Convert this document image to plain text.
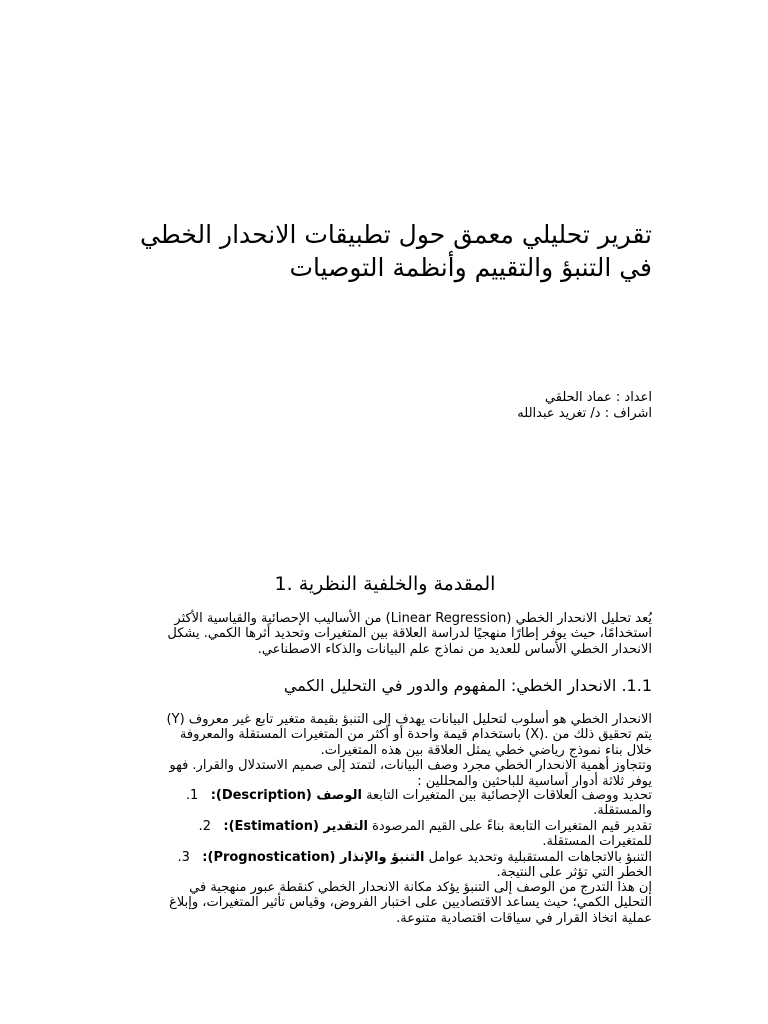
تقرير تحليلي معمق حول تطبيقات الانحدار الخطي
في التنبؤ والتقييم وأنظمة التوصيات
اعداد : عماد الحلقي
اشراف : د/ تغريد عبدالله
1. المقدمة والخلفية النظرية

يُعد تحليل الانحدار الخطي (Linear Regression) من الأساليب الإحصائية والقياسية الأكثر
استخدامًا، حيث يوفر إطارًا منهجيًا لدراسة العلاقة بين المتغيرات وتحديد أثرها الكمي. يشكل
الانحدار الخطي الأساس للعديد من نماذج علم البيانات والذكاء الاصطناعي.

1.1. الانحدار الخطي: المفهوم والدور في التحليل الكمي

الانحدار الخطي هو أسلوب لتحليل البيانات يهدف إلى التنبؤ بقيمة متغير تابع غير معروف (Y)
يتم تحقيق ذلك من .(X) باستخدام قيمة واحدة أو أكثر من المتغيرات المستقلة والمعروفة
خلال بناء نموذج رياضي خطي يمثل العلاقة بين هذه المتغيرات.
وتتجاوز أهمية الانحدار الخطي مجرد وصف البيانات، لتمتد إلى صميم الاستدلال والقرار. فهو
يوفر ثلاثة أدوار أساسية للباحثين والمحللين :

تحديد ووصف العلاقات الإحصائية بين المتغيرات التابعة الوصف (Description):   1.
والمستقلة.
تقدير قيم المتغيرات التابعة بناءً على القيم المرصودة التقدير (Estimation):   2.
للمتغيرات المستقلة.
التنبؤ بالاتجاهات المستقبلية وتحديد عوامل التنبؤ والإنذار (Prognostication):   3.
الخطر التي تؤثر على النتيجة.

إن هذا التدرج من الوصف إلى التنبؤ يؤكد مكانة الانحدار الخطي كنقطة عبور منهجية في
التحليل الكمي؛ حيث يساعد الاقتصاديين على اختبار الفروض، وقياس تأثير المتغيرات، وإبلاغ
عملية اتخاذ القرار في سياقات اقتصادية متنوعة.
